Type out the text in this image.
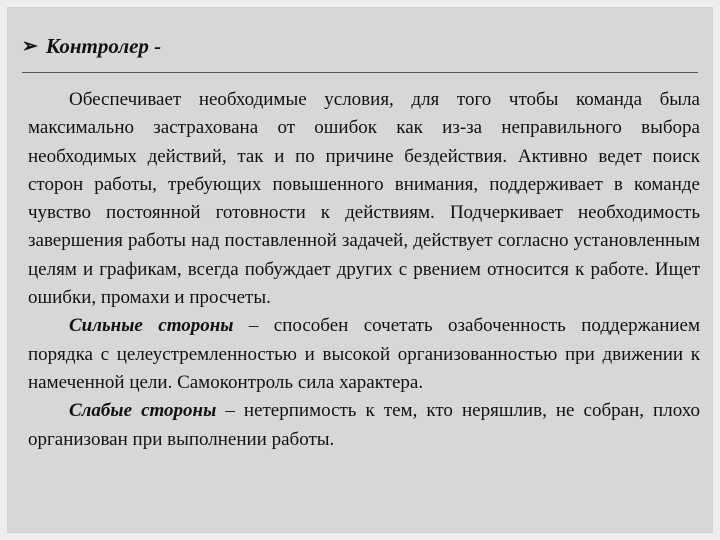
➢ Контролер -

Обеспечивает необходимые условия, для того чтобы команда была максимально застрахована от ошибок как из-за неправильного выбора необходимых действий, так и по причине бездействия. Активно ведет поиск сторон работы, требующих повышенного внимания, поддерживает в команде чувство постоянной готовности к действиям. Подчеркивает необходимость завершения работы над поставленной задачей, действует согласно установленным целям и графикам, всегда побуждает других с рвением относится к работе. Ищет ошибки, промахи и просчеты.

Сильные стороны – способен сочетать озабоченность поддержанием порядка с целеустремленностью и высокой организованностью при движении к намеченной цели. Самоконтроль сила характера.

Слабые стороны – нетерпимость к тем, кто неряшлив, не собран, плохо организован при выполнении работы.
